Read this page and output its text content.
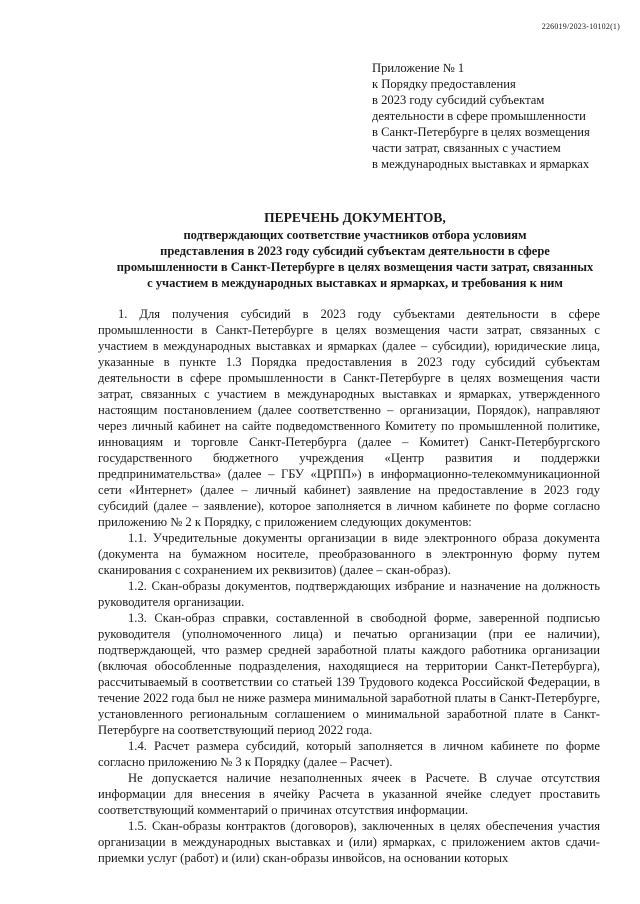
226019/2023-10102(1)
Приложение № 1
к Порядку предоставления
в 2023 году субсидий субъектам
деятельности в сфере промышленности
в Санкт-Петербурге в целях возмещения
части затрат, связанных с участием
в международных выставках и ярмарках
ПЕРЕЧЕНЬ ДОКУМЕНТОВ,
подтверждающих соответствие участников отбора условиям
представления в 2023 году субсидий субъектам деятельности в сфере
промышленности в Санкт-Петербурге в целях возмещения части затрат, связанных
с участием в международных выставках и ярмарках, и требования к ним

1. Для получения субсидий в 2023 году субъектами деятельности в сфере промышленности в Санкт-Петербурге в целях возмещения части затрат, связанных с участием в международных выставках и ярмарках (далее – субсидии), юридические лица, указанные в пункте 1.3 Порядка предоставления в 2023 году субсидий субъектам деятельности в сфере промышленности в Санкт-Петербурге в целях возмещения части затрат, связанных с участием в международных выставках и ярмарках, утвержденного настоящим постановлением (далее соответственно – организации, Порядок), направляют через личный кабинет на сайте подведомственного Комитету по промышленной политике, инновациям и торговле Санкт-Петербурга (далее – Комитет) Санкт-Петербургского государственного бюджетного учреждения «Центр развития и поддержки предпринимательства» (далее – ГБУ «ЦРПП») в информационно-телекоммуникационной сети «Интернет» (далее – личный кабинет) заявление на предоставление в 2023 году субсидий (далее – заявление), которое заполняется в личном кабинете по форме согласно приложению № 2 к Порядку, с приложением следующих документов:

1.1. Учредительные документы организации в виде электронного образа документа (документа на бумажном носителе, преобразованного в электронную форму путем сканирования с сохранением их реквизитов) (далее – скан-образ).

1.2. Скан-образы документов, подтверждающих избрание и назначение на должность руководителя организации.

1.3. Скан-образ справки, составленной в свободной форме, заверенной подписью руководителя (уполномоченного лица) и печатью организации (при ее наличии), подтверждающей, что размер средней заработной платы каждого работника организации (включая обособленные подразделения, находящиеся на территории Санкт-Петербурга), рассчитываемый в соответствии со статьей 139 Трудового кодекса Российской Федерации, в течение 2022 года был не ниже размера минимальной заработной платы в Санкт-Петербурге, установленного региональным соглашением о минимальной заработной плате в Санкт-Петербурге на соответствующий период 2022 года.

1.4. Расчет размера субсидий, который заполняется в личном кабинете по форме согласно приложению № 3 к Порядку (далее – Расчет).

Не допускается наличие незаполненных ячеек в Расчете. В случае отсутствия информации для внесения в ячейку Расчета в указанной ячейке следует проставить соответствующий комментарий о причинах отсутствия информации.

1.5. Скан-образы контрактов (договоров), заключенных в целях обеспечения участия организации в международных выставках и (или) ярмарках, с приложением актов сдачи-приемки услуг (работ) и (или) скан-образы инвойсов, на основании которых
